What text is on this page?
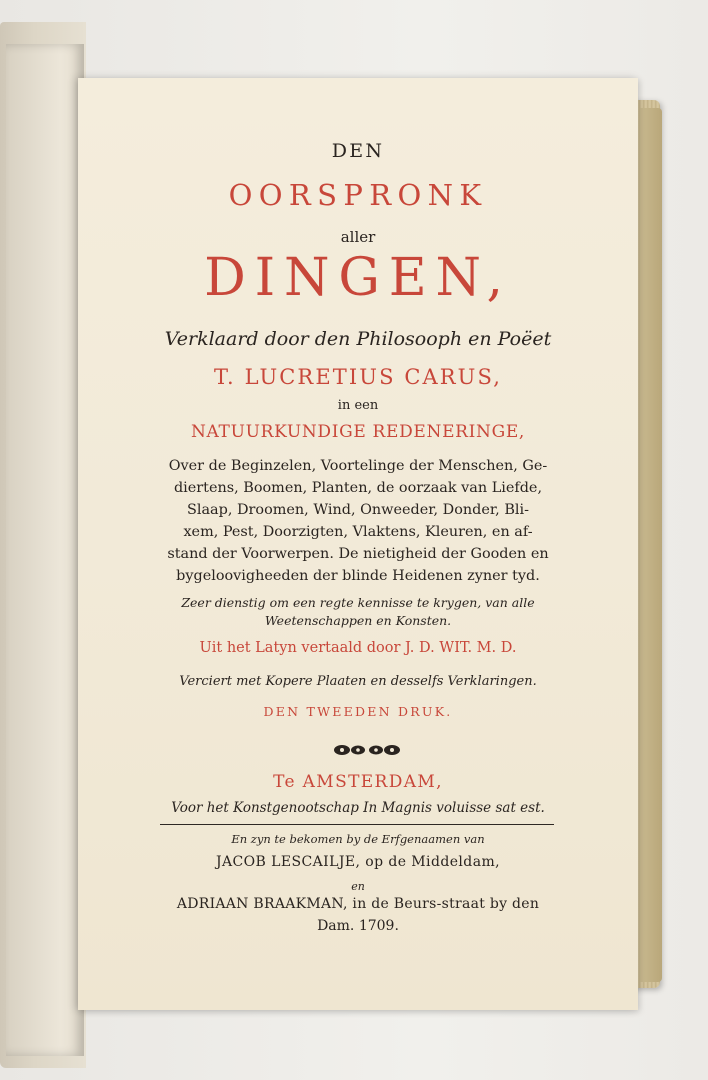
DEN
OORSPRONK
aller
DINGEN,
Verklaard door den Philosooph en Poëet
T. LUCRETIUS CARUS,
in een
NATUURKUNDIGE REDENERINGE,
Over de Beginzelen, Voortelinge der Menschen, Ge-
diertens, Boomen, Planten, de oorzaak van Liefde,
Slaap, Droomen, Wind, Onweeder, Donder, Bli-
xem, Pest, Doorzigten, Vlaktens, Kleuren, en af-
stand der Voorwerpen. De nietigheid der Gooden en
bygeloovigheeden der blinde Heidenen zyner tyd.
Zeer dienstig om een regte kennisse te krygen, van alle
Weetenschappen en Konsten.
Uit het Latyn vertaald door J. D. WIT. M. D.
Verciert met Kopere Plaaten en desselfs Verklaringen.
DEN TWEEDEN DRUK.
Te AMSTERDAM,
Voor het Konstgenootschap In Magnis voluisse sat est.
En zyn te bekomen by de Erfgenaamen van
JACOB LESCAILJE, op de Middeldam,
en
ADRIAAN BRAAKMAN, in de Beurs-straat by den
Dam. 1709.
